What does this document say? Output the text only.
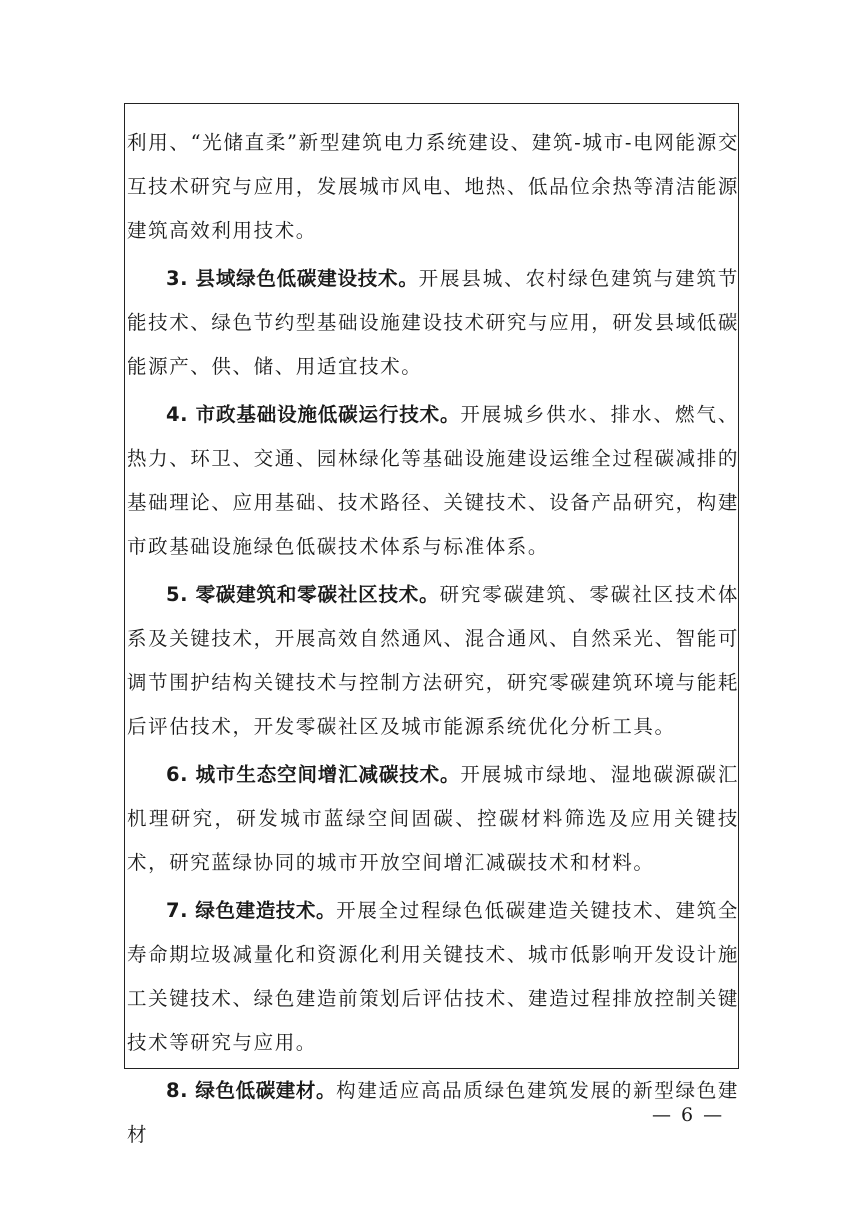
利用、“光储直柔”新型建筑电力系统建设、建筑-城市-电网能源交互技术研究与应用，发展城市风电、地热、低品位余热等清洁能源建筑高效利用技术。

3. 县域绿色低碳建设技术。开展县城、农村绿色建筑与建筑节能技术、绿色节约型基础设施建设技术研究与应用，研发县域低碳能源产、供、储、用适宜技术。

4. 市政基础设施低碳运行技术。开展城乡供水、排水、燃气、热力、环卫、交通、园林绿化等基础设施建设运维全过程碳减排的基础理论、应用基础、技术路径、关键技术、设备产品研究，构建市政基础设施绿色低碳技术体系与标准体系。

5. 零碳建筑和零碳社区技术。研究零碳建筑、零碳社区技术体系及关键技术，开展高效自然通风、混合通风、自然采光、智能可调节围护结构关键技术与控制方法研究，研究零碳建筑环境与能耗后评估技术，开发零碳社区及城市能源系统优化分析工具。

6. 城市生态空间增汇减碳技术。开展城市绿地、湿地碳源碳汇机理研究，研发城市蓝绿空间固碳、控碳材料筛选及应用关键技术，研究蓝绿协同的城市开放空间增汇减碳技术和材料。

7. 绿色建造技术。开展全过程绿色低碳建造关键技术、建筑全寿命期垃圾减量化和资源化利用关键技术、城市低影响开发设计施工关键技术、绿色建造前策划后评估技术、建造过程排放控制关键技术等研究与应用。

8. 绿色低碳建材。构建适应高品质绿色建筑发展的新型绿色建材

— 6 —
